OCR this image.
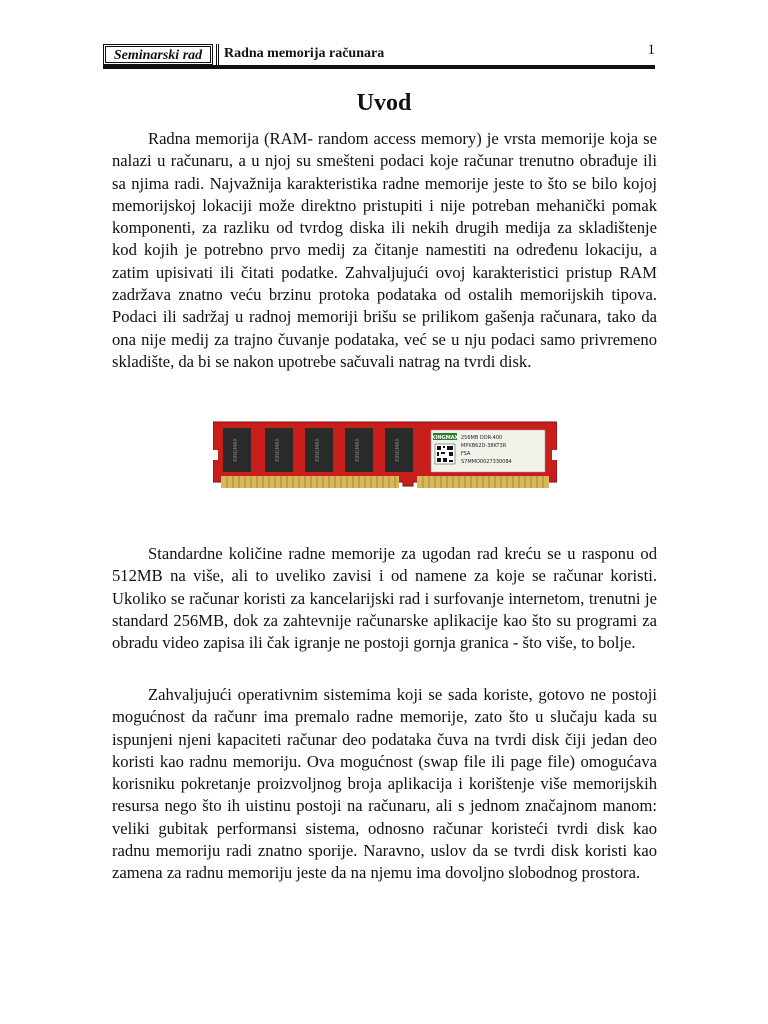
Seminarski rad	Radna memorija računara	1
Uvod

Radna memorija (RAM- random access memory) je vrsta memorije koja se nalazi u računaru, a u njoj su smešteni podaci koje računar trenutno obrađuje ili sa njima radi. Najvažnija karakteristika radne memorije jeste to što se bilo kojoj memorijskoj lokaciji može direktno pristupiti i nije potreban mehanički pomak komponenti, za razliku od tvrdog diska ili nekih drugih medija za skladištenje kod kojih je potrebno prvo medij za čitanje namestiti na određenu lokaciju, a zatim upisivati ili čitati podatke. Zahvaljujući ovoj karakteristici pristup RAM zadržava znatno veću brzinu protoka podataka od ostalih memorijskih tipova. Podaci ili sadržaj u radnoj memoriji brišu se prilikom gašenja računara, tako da ona nije medij za trajno čuvanje podataka, već se u nju podaci samo privremeno skladište, da bi se nakon upotrebe sačuvali natrag na tvrdi disk.

KINGMAX	KINGMAX	KINGMAX	KINGMAX	KINGMAX
KINGMAX 256MB DDR-400
MPXB62D-38KT3R
FSA
S7MMO0027330084

Standardne količine radne memorije za ugodan rad kreću se u rasponu od 512MB na više, ali to uveliko zavisi i od namene za koje se računar koristi. Ukoliko se računar koristi za kancelarijski rad i surfovanje internetom, trenutni je standard 256MB, dok za zahtevnije računarske aplikacije kao što su programi za obradu video zapisa ili čak igranje ne postoji gornja granica - što više, to bolje.

Zahvaljujući operativnim sistemima koji se sada koriste, gotovo ne postoji mogućnost da računr ima premalo radne memorije, zato što u slučaju kada su ispunjeni njeni kapaciteti računar deo podataka čuva na tvrdi disk čiji jedan deo koristi kao radnu memoriju. Ova mogućnost (swap file ili page file) omogućava korisniku pokretanje proizvoljnog broja aplikacija i korištenje više memorijskih resursa nego što ih uistinu postoji na računaru, ali s jednom značajnom manom: veliki gubitak performansi sistema, odnosno računar koristeći tvrdi disk kao radnu memoriju radi znatno sporije. Naravno, uslov da se tvrdi disk koristi kao zamena za radnu memoriju jeste da na njemu ima dovoljno slobodnog prostora.
